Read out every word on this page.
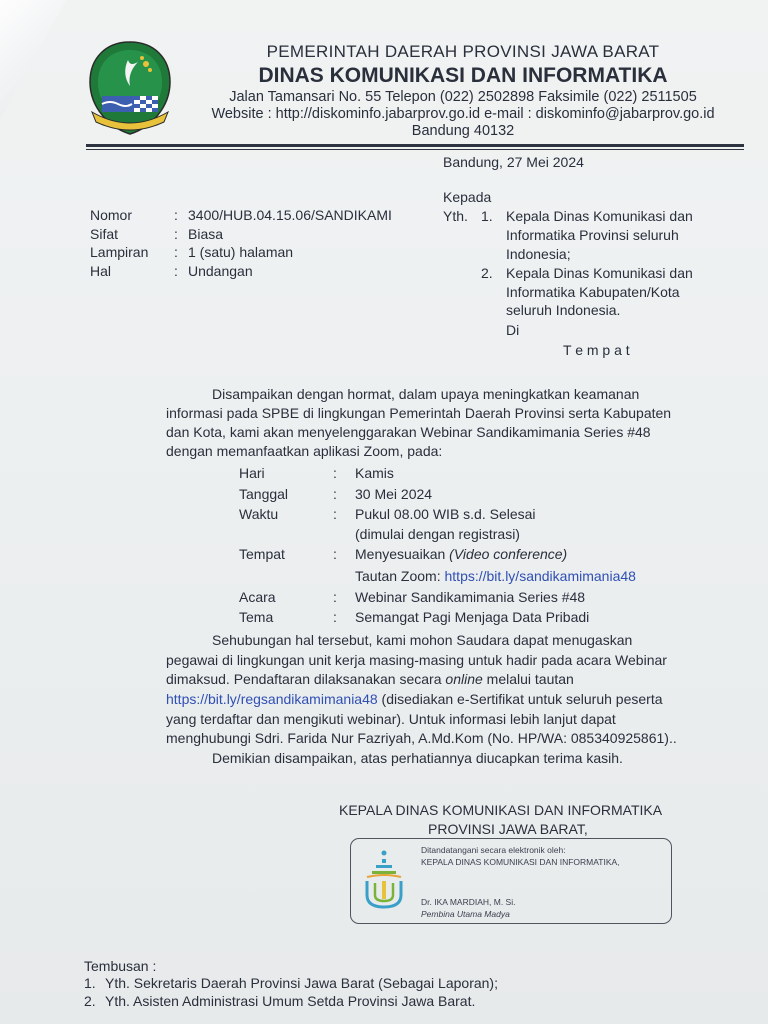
PEMERINTAH DAERAH PROVINSI JAWA BARAT
DINAS KOMUNIKASI DAN INFORMATIKA
Jalan Tamansari No. 55 Telepon (022) 2502898 Faksimile (022) 2511505
Website : http://diskominfo.jabarprov.go.id e-mail : diskominfo@jabarprov.go.id
Bandung 40132
Bandung, 27 Mei 2024
Nomor	: 3400/HUB.04.15.06/SANDIKAMI
Sifat	: Biasa
Lampiran : 1 (satu) halaman
Hal	: Undangan
Kepada
Yth. 1. Kepala Dinas Komunikasi dan
Informatika Provinsi seluruh
Indonesia;
2. Kepala Dinas Komunikasi dan
Informatika Kabupaten/Kota
seluruh Indonesia.
Di
T e m p a t
Disampaikan dengan hormat, dalam upaya meningkatkan keamanan
informasi pada SPBE di lingkungan Pemerintah Daerah Provinsi serta Kabupaten
dan Kota, kami akan menyelenggarakan Webinar Sandikamimania Series #48
dengan memanfaatkan aplikasi Zoom, pada:
Hari	: Kamis
Tanggal	: 30 Mei 2024
Waktu	: Pukul 08.00 WIB s.d. Selesai
(dimulai dengan registrasi)
Tempat	: Menyesuaikan (Video conference)
Tautan Zoom: https://bit.ly/sandikamimania48
Acara	: Webinar Sandikamimania Series #48
Tema	: Semangat Pagi Menjaga Data Pribadi
Sehubungan hal tersebut, kami mohon Saudara dapat menugaskan
pegawai di lingkungan unit kerja masing-masing untuk hadir pada acara Webinar
dimaksud. Pendaftaran dilaksanakan secara online melalui tautan
https://bit.ly/regsandikamimania48 (disediakan e-Sertifikat untuk seluruh peserta
yang terdaftar dan mengikuti webinar). Untuk informasi lebih lanjut dapat
menghubungi Sdri. Farida Nur Fazriyah, A.Md.Kom (No. HP/WA: 085340925861)..
Demikian disampaikan, atas perhatiannya diucapkan terima kasih.
KEPALA DINAS KOMUNIKASI DAN INFORMATIKA
PROVINSI JAWA BARAT,
Ditandatangani secara elektronik oleh:
KEPALA DINAS KOMUNIKASI DAN INFORMATIKA,
Dr. IKA MARDIAH, M. Si.
Pembina Utama Madya
Tembusan :
1. Yth. Sekretaris Daerah Provinsi Jawa Barat (Sebagai Laporan);
2. Yth. Asisten Administrasi Umum Setda Provinsi Jawa Barat.
